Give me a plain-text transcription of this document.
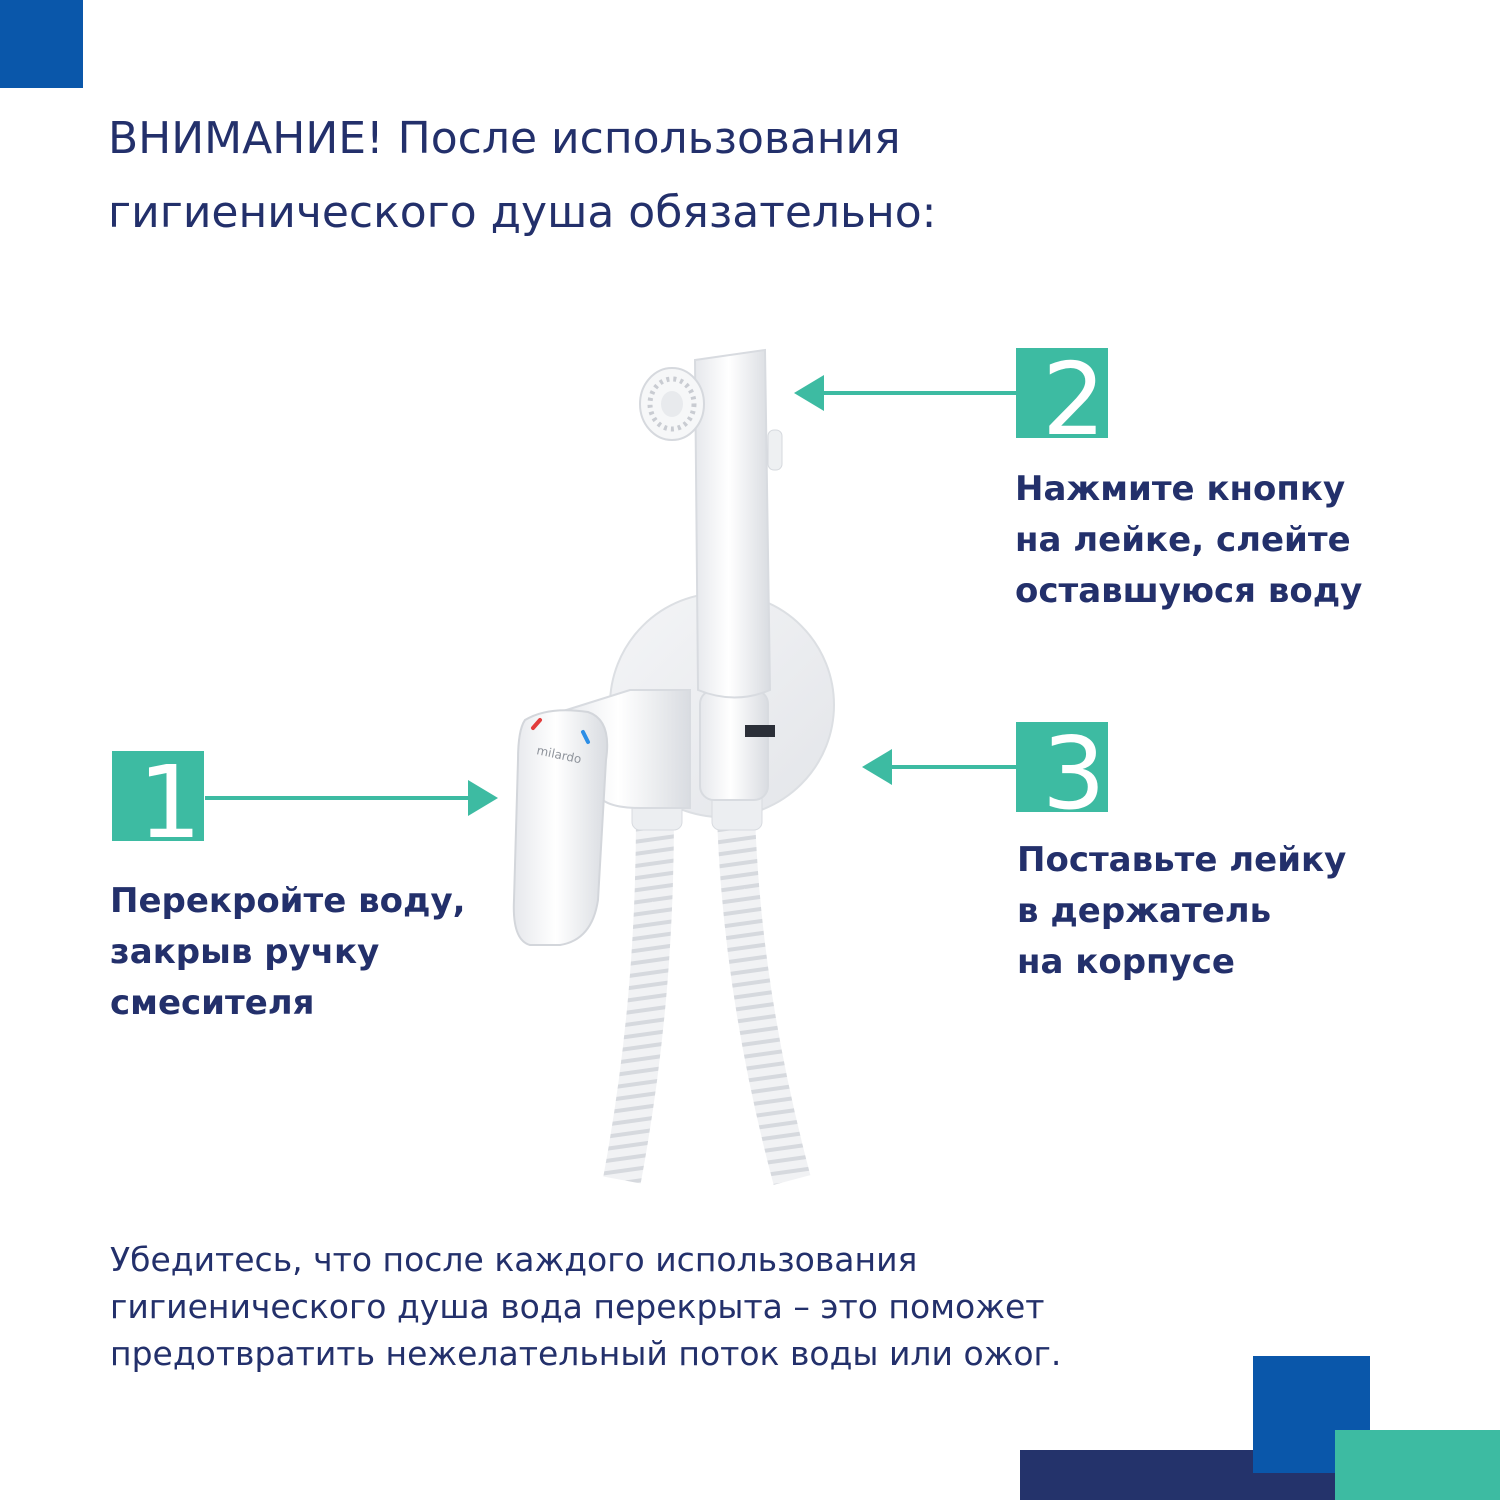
ВНИМАНИЕ! После использования
гигиенического душа обязательно:
milardo
1

Перекройте воду,
закрыв ручку
смесителя

2

Нажмите кнопку
на лейке, слейте
оставшуюся воду

3

Поставьте лейку
в держатель
на корпусе

Убедитесь, что после каждого использования
гигиенического душа вода перекрыта – это поможет
предотвратить нежелательный поток воды или ожог.
